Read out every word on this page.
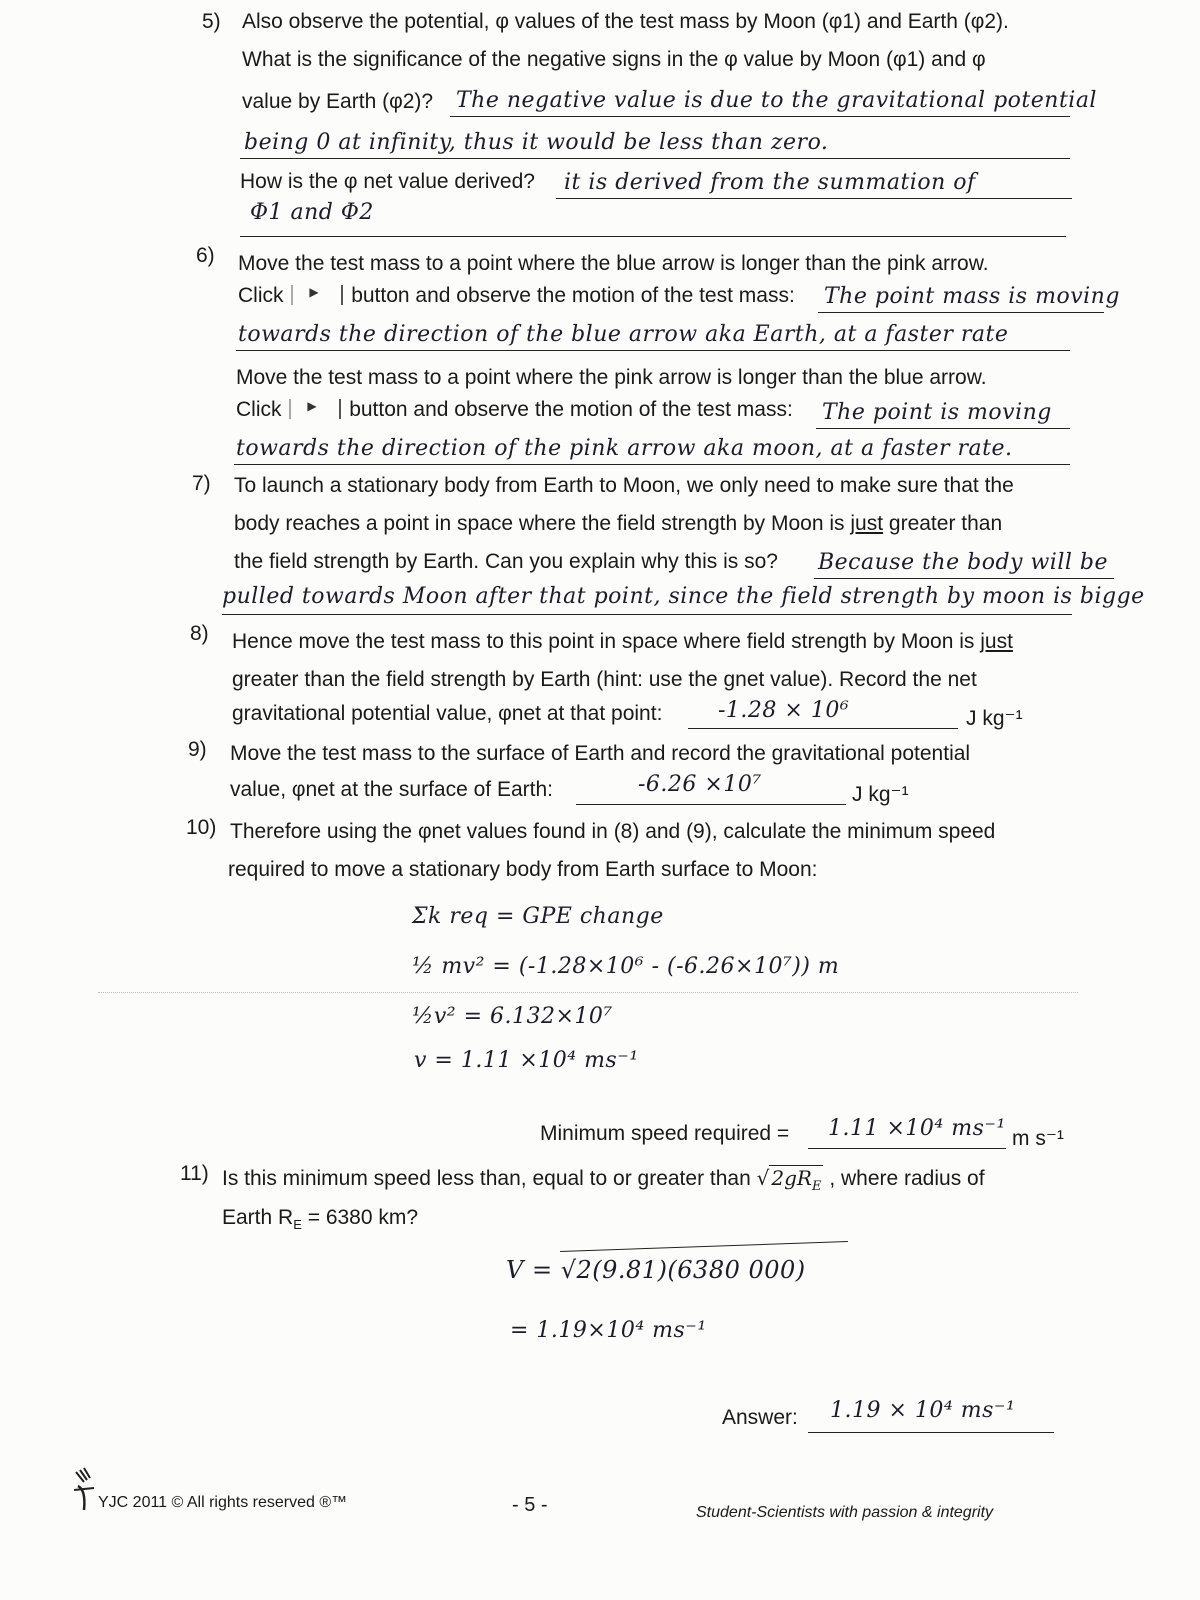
5) Also observe the potential, φ values of the test mass by Moon (φ1) and Earth (φ2).
What is the significance of the negative signs in the φ value by Moon (φ1) and φ
value by Earth (φ2)? The negative value is due to the gravitational potential
being 0 at infinity, thus it would be less than zero.
How is the φ net value derived? it is derived from the summation of
Φ1 and Φ2
6) Move the test mass to a point where the blue arrow is longer than the pink arrow.
Click ▶	button and observe the motion of the test mass: The point mass is moving
towards the direction of the blue arrow aka Earth, at a faster rate
Move the test mass to a point where the pink arrow is longer than the blue arrow.
Click ▶	button and observe the motion of the test mass: The point is moving
towards the direction of the pink arrow aka moon, at a faster rate.
7) To launch a stationary body from Earth to Moon, we only need to make sure that the
body reaches a point in space where the field strength by Moon is just greater than
the field strength by Earth. Can you explain why this is so? Because the body will be
pulled towards Moon after that point, since the field strength by moon is bigge
8) Hence move the test mass to this point in space where field strength by Moon is just
greater than the field strength by Earth (hint: use the gnet value). Record the net
gravitational potential value, φnet at that point:	-1.28 × 10⁶	J kg⁻¹
9) Move the test mass to the surface of Earth and record the gravitational potential
value, φnet at the surface of Earth:	-6.26 ×10⁷	J kg⁻¹
10) Therefore using the φnet values found in (8) and (9), calculate the minimum speed
required to move a stationary body from Earth surface to Moon:
Σk req = GPE change
½ mv² = (-1.28×10⁶ - (-6.26×10⁷)) m
½v² = 6.132×10⁷
v = 1.11 ×10⁴ ms⁻¹
Minimum speed required = 1.11 ×10⁴ ms⁻¹ m s⁻¹
11) Is this minimum speed less than, equal to or greater than √ $2gR_E$ , where radius of
Earth $R_E = 6380$ km?
V = √2(9.81)(6380 000)
= 1.19×10⁴ ms⁻¹
Answer: 1.19 × 10⁴ ms⁻¹
YJC 2011 © All rights reserved ®™	- 5 -	Student-Scientists with passion & integrity
